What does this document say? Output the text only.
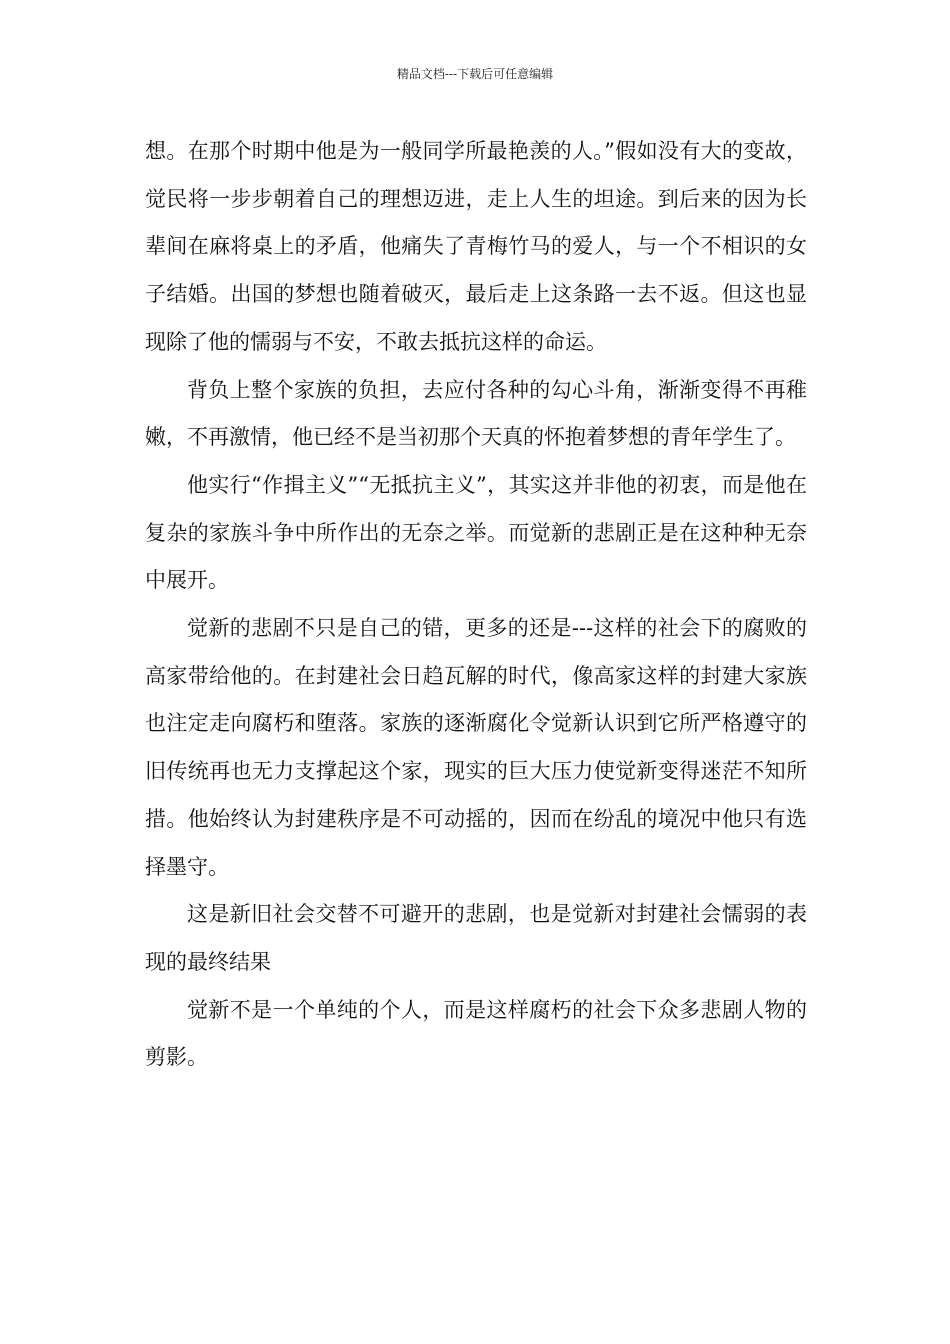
精品文档---下载后可任意编辑

想。在那个时期中他是为一般同学所最艳羡的人。”假如没有大的变故，觉民将一步步朝着自己的理想迈进，走上人生的坦途。到后来的因为长辈间在麻将桌上的矛盾，他痛失了青梅竹马的爱人，与一个不相识的女子结婚。出国的梦想也随着破灭，最后走上这条路一去不返。但这也显现除了他的懦弱与不安，不敢去抵抗这样的命运。

背负上整个家族的负担，去应付各种的勾心斗角，渐渐变得不再稚嫩，不再激情，他已经不是当初那个天真的怀抱着梦想的青年学生了。

他实行“作揖主义”“无抵抗主义”，其实这并非他的初衷，而是他在复杂的家族斗争中所作出的无奈之举。而觉新的悲剧正是在这种种无奈中展开。

觉新的悲剧不只是自己的错，更多的还是---这样的社会下的腐败的高家带给他的。在封建社会日趋瓦解的时代，像高家这样的封建大家族也注定走向腐朽和堕落。家族的逐渐腐化令觉新认识到它所严格遵守的旧传统再也无力支撑起这个家，现实的巨大压力使觉新变得迷茫不知所措。他始终认为封建秩序是不可动摇的，因而在纷乱的境况中他只有选择墨守。

这是新旧社会交替不可避开的悲剧，也是觉新对封建社会懦弱的表现的最终结果

觉新不是一个单纯的个人，而是这样腐朽的社会下众多悲剧人物的剪影。
